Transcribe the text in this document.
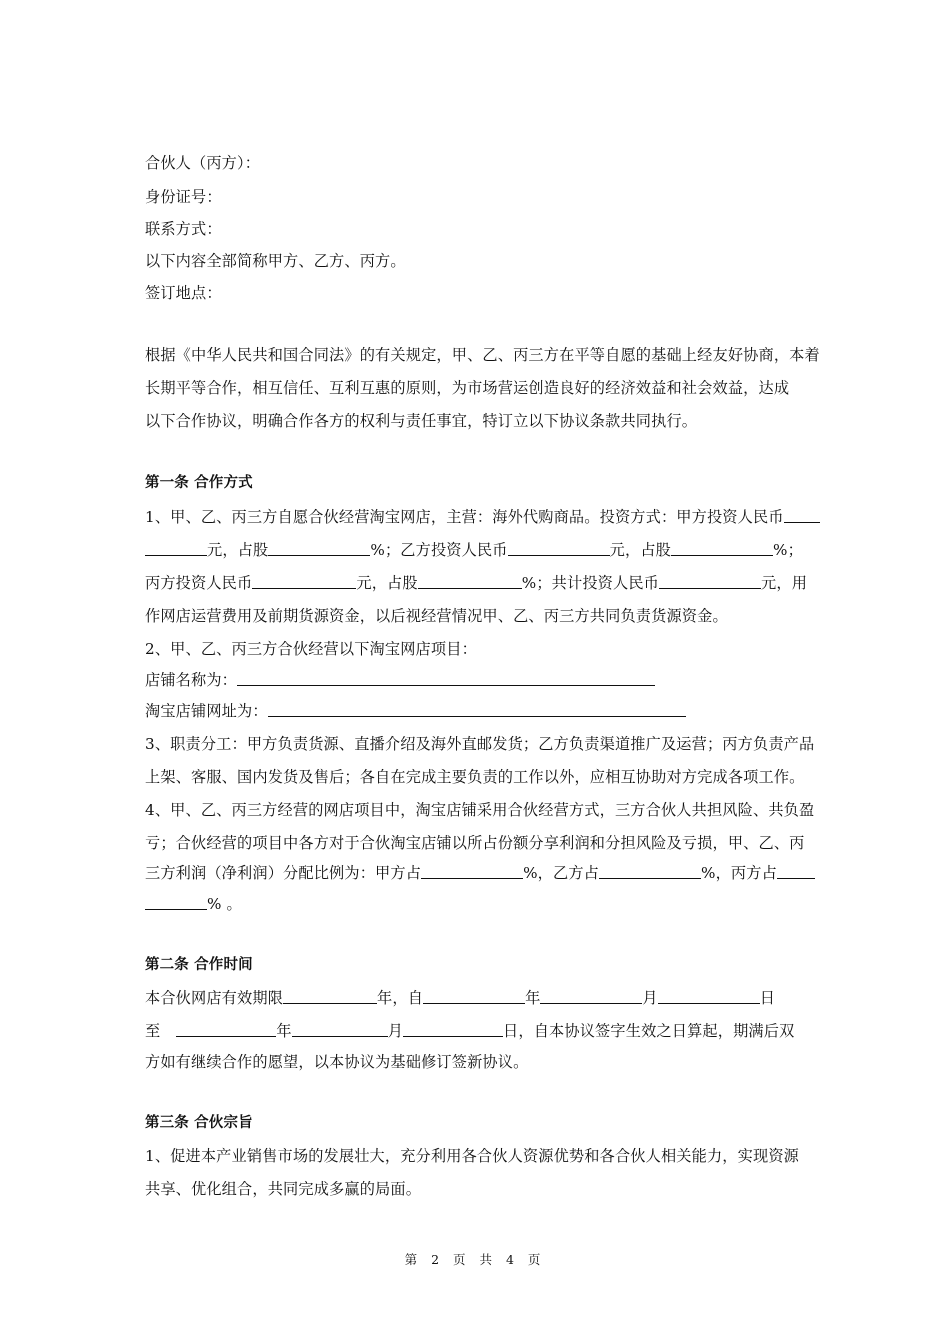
合伙人（丙方）：
身份证号：
联系方式：
以下内容全部简称甲方、乙方、丙方。
签订地点：
根据《中华人民共和国合同法》的有关规定，甲、乙、丙三方在平等自愿的基础上经友好协商，本着
长期平等合作，相互信任、互利互惠的原则，为市场营运创造良好的经济效益和社会效益，达成
以下合作协议，明确合作各方的权利与责任事宜，特订立以下协议条款共同执行。
第一条 合作方式
1、甲、乙、丙三方自愿合伙经营淘宝网店，主营：海外代购商品。投资方式：甲方投资人民币
元，占股	%；乙方投资人民币	元，占股	%；
丙方投资人民币	元，占股	%；共计投资人民币	元，用
作网店运营费用及前期货源资金，以后视经营情况甲、乙、丙三方共同负责货源资金。
2、甲、乙、丙三方合伙经营以下淘宝网店项目：
店铺名称为：
淘宝店铺网址为：
3、职责分工：甲方负责货源、直播介绍及海外直邮发货；乙方负责渠道推广及运营；丙方负责产品
上架、客服、国内发货及售后；各自在完成主要负责的工作以外，应相互协助对方完成各项工作。
4、甲、乙、丙三方经营的网店项目中，淘宝店铺采用合伙经营方式，三方合伙人共担风险、共负盈
亏；合伙经营的项目中各方对于合伙淘宝店铺以所占份额分享利润和分担风险及亏损，甲、乙、丙
三方利润（净利润）分配比例为：甲方占	%，乙方占	%，丙方占
% 。
第二条 合作时间
本合伙网店有效期限	年，自	年	月	日
至	年	月	日，自本协议签字生效之日算起，期满后双
方如有继续合作的愿望，以本协议为基础修订签新协议。
第三条 合伙宗旨
1、促进本产业销售市场的发展壮大，充分利用各合伙人资源优势和各合伙人相关能力，实现资源
共享、优化组合，共同完成多赢的局面。
第 2 页 共 4 页
